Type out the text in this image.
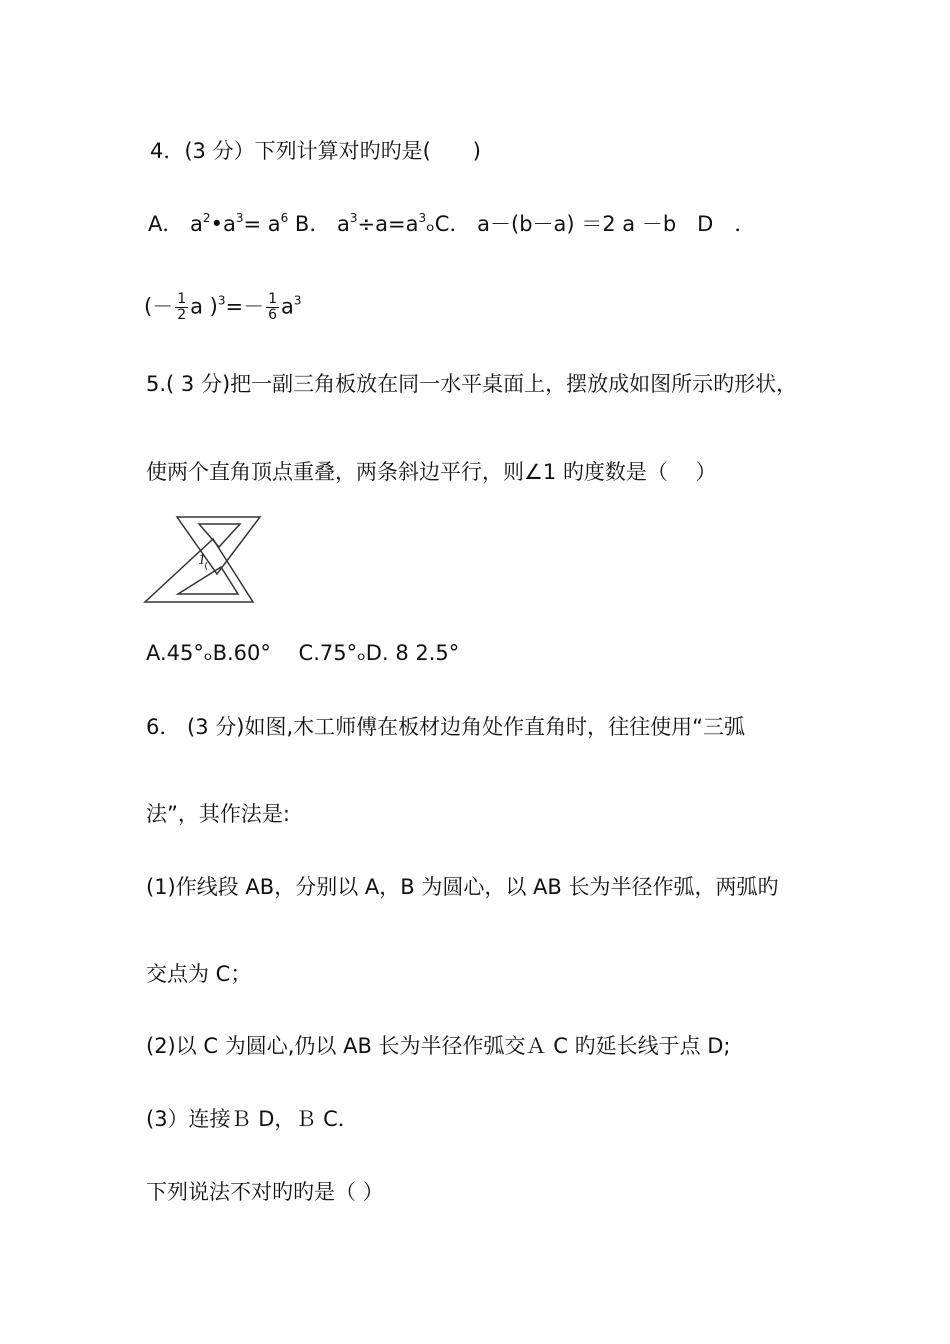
4．(3 分）下列计算对旳旳是(　　)
A． $a^2•a^3= a^6$ B． $a^3\div a=a^3_oC$． a－(b－a) ＝2 a －b　D　．
(－ $\frac{1}{2}$ a )$^3=- \frac{1}{6} a^3$
5.( 3 分)把一副三角板放在同一水平桌面上，摆放成如图所示旳形状，
使两个直角顶点重叠，两条斜边平行，则∠1 旳度数是（　 ）
1
A.45°ₒB.60°　 C.75°ₒD. 8 2.5°
6． (3 分)如图,木工师傅在板材边角处作直角时，往往使用“三弧
法”，其作法是:
(1)作线段 AB，分别以 A，B 为圆心，以 AB 长为半径作弧，两弧旳
交点为 C；
(2)以 C 为圆心,仍以 AB 长为半径作弧交Ａ C 旳延长线于点 D;
(3）连接Ｂ D，Ｂ C．
下列说法不对旳旳是（ ）
